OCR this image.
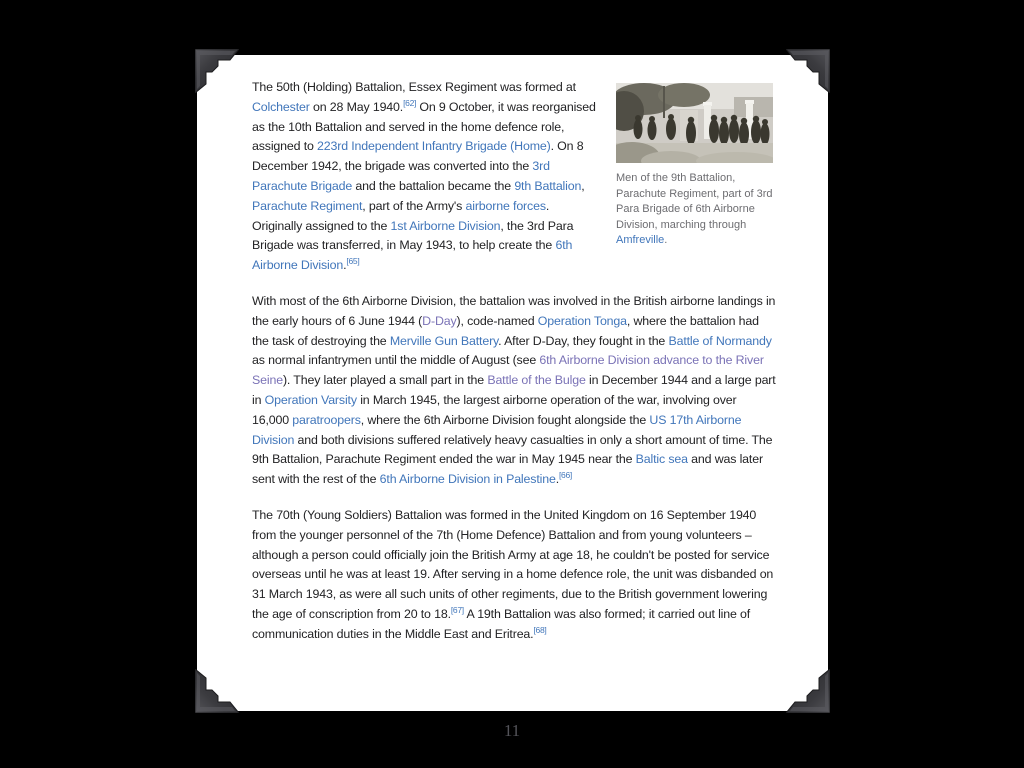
Men of the 9th Battalion, Parachute Regiment, part of 3rd Para Brigade of 6th Airborne Division, marching through Amfreville.

The 50th (Holding) Battalion, Essex Regiment was formed at Colchester on 28 May 1940.[62] On 9 October, it was reorganised as the 10th Battalion and served in the home defence role, assigned to 223rd Independent Infantry Brigade (Home). On 8 December 1942, the brigade was converted into the 3rd Parachute Brigade and the battalion became the 9th Battalion, Parachute Regiment, part of the Army's airborne forces. Originally assigned to the 1st Airborne Division, the 3rd Para Brigade was transferred, in May 1943, to help create the 6th Airborne Division.[65]

With most of the 6th Airborne Division, the battalion was involved in the British airborne landings in the early hours of 6 June 1944 (D-Day), code-named Operation Tonga, where the battalion had the task of destroying the Merville Gun Battery. After D-Day, they fought in the Battle of Normandy as normal infantrymen until the middle of August (see 6th Airborne Division advance to the River Seine). They later played a small part in the Battle of the Bulge in December 1944 and a large part in Operation Varsity in March 1945, the largest airborne operation of the war, involving over 16,000 paratroopers, where the 6th Airborne Division fought alongside the US 17th Airborne Division and both divisions suffered relatively heavy casualties in only a short amount of time. The 9th Battalion, Parachute Regiment ended the war in May 1945 near the Baltic sea and was later sent with the rest of the 6th Airborne Division in Palestine.[66]

The 70th (Young Soldiers) Battalion was formed in the United Kingdom on 16 September 1940 from the younger personnel of the 7th (Home Defence) Battalion and from young volunteers – although a person could officially join the British Army at age 18, he couldn't be posted for service overseas until he was at least 19. After serving in a home defence role, the unit was disbanded on 31 March 1943, as were all such units of other regiments, due to the British government lowering the age of conscription from 20 to 18.[67] A 19th Battalion was also formed; it carried out line of communication duties in the Middle East and Eritrea.[68]

11
